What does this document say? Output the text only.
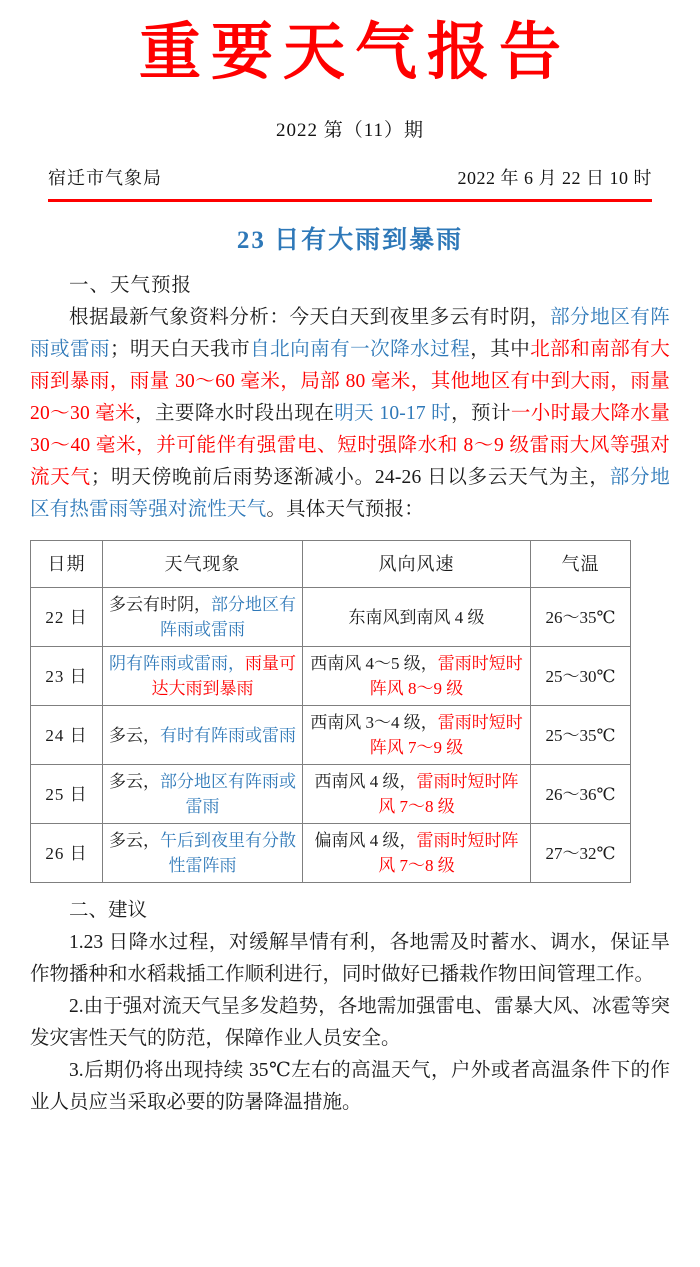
重要天气报告
2022 第（11）期
宿迁市气象局	2022 年 6 月 22 日 10 时
23 日有大雨到暴雨
一、天气预报

根据最新气象资料分析：今天白天到夜里多云有时阴，部分地区有阵雨或雷雨；明天白天我市自北向南有一次降水过程，其中北部和南部有大雨到暴雨，雨量 30～60 毫米，局部 80 毫米，其他地区有中到大雨，雨量 20～30 毫米，主要降水时段出现在明天 10-17 时，预计一小时最大降水量 30～40 毫米，并可能伴有强雷电、短时强降水和 8～9 级雷雨大风等强对流天气；明天傍晚前后雨势逐渐减小。24-26 日以多云天气为主，部分地区有热雷雨等强对流性天气。具体天气预报：

日期	天气现象	风向风速	气温
22 日	多云有时阴，部分地区有阵雨或雷雨	东南风到南风 4 级	26～35℃
23 日	阴有阵雨或雷雨，雨量可达大雨到暴雨	西南风 4～5 级，雷雨时短时阵风 8～9 级	25～30℃
24 日	多云，有时有阵雨或雷雨	西南风 3～4 级，雷雨时短时阵风 7～9 级	25～35℃
25 日	多云，部分地区有阵雨或雷雨	西南风 4 级，雷雨时短时阵风 7～8 级	26～36℃
26 日	多云，午后到夜里有分散性雷阵雨	偏南风 4 级，雷雨时短时阵风 7～8 级	27～32℃
二、建议

1.23 日降水过程，对缓解旱情有利，各地需及时蓄水、调水，保证旱作物播种和水稻栽插工作顺利进行，同时做好已播栽作物田间管理工作。

2.由于强对流天气呈多发趋势，各地需加强雷电、雷暴大风、冰雹等突发灾害性天气的防范，保障作业人员安全。

3.后期仍将出现持续 35℃左右的高温天气，户外或者高温条件下的作业人员应当采取必要的防暑降温措施。
